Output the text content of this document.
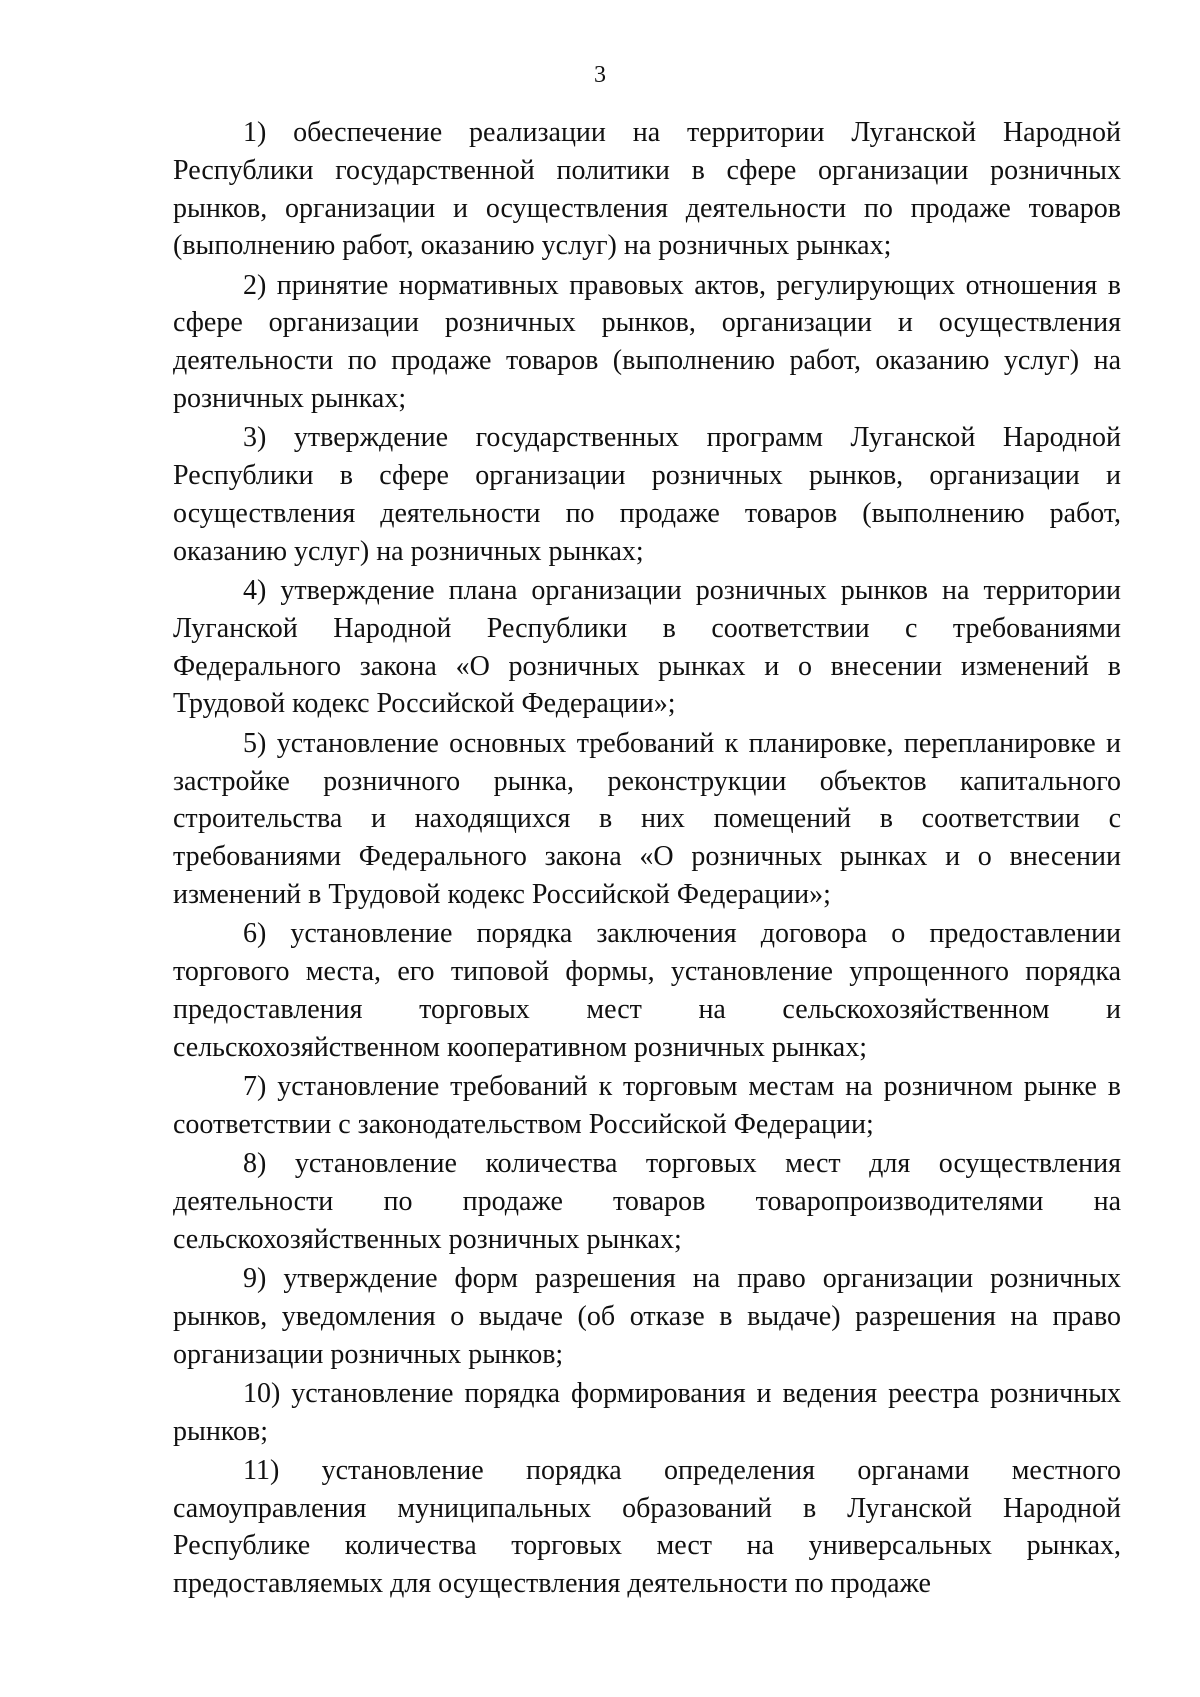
3

1) обеспечение реализации на территории Луганской Народной Республики государственной политики в сфере организации розничных рынков, организации и осуществления деятельности по продаже товаров (выполнению работ, оказанию услуг) на розничных рынках;

2) принятие нормативных правовых актов, регулирующих отношения в сфере организации розничных рынков, организации и осуществления деятельности по продаже товаров (выполнению работ, оказанию услуг) на розничных рынках;

3) утверждение государственных программ Луганской Народной Республики в сфере организации розничных рынков, организации и осуществления деятельности по продаже товаров (выполнению работ, оказанию услуг) на розничных рынках;

4) утверждение плана организации розничных рынков на территории Луганской Народной Республики в соответствии с требованиями Федерального закона «О розничных рынках и о внесении изменений в Трудовой кодекс Российской Федерации»;

5) установление основных требований к планировке, перепланировке и застройке розничного рынка, реконструкции объектов капитального строительства и находящихся в них помещений в соответствии с требованиями Федерального закона «О розничных рынках и о внесении изменений в Трудовой кодекс Российской Федерации»;

6) установление порядка заключения договора о предоставлении торгового места, его типовой формы, установление упрощенного порядка предоставления торговых мест на сельскохозяйственном и сельскохозяйственном кооперативном розничных рынках;

7) установление требований к торговым местам на розничном рынке в соответствии с законодательством Российской Федерации;

8) установление количества торговых мест для осуществления деятельности по продаже товаров товаропроизводителями на сельскохозяйственных розничных рынках;

9) утверждение форм разрешения на право организации розничных рынков, уведомления о выдаче (об отказе в выдаче) разрешения на право организации розничных рынков;

10) установление порядка формирования и ведения реестра розничных рынков;

11) установление порядка определения органами местного самоуправления муниципальных образований в Луганской Народной Республике количества торговых мест на универсальных рынках, предоставляемых для осуществления деятельности по продаже
